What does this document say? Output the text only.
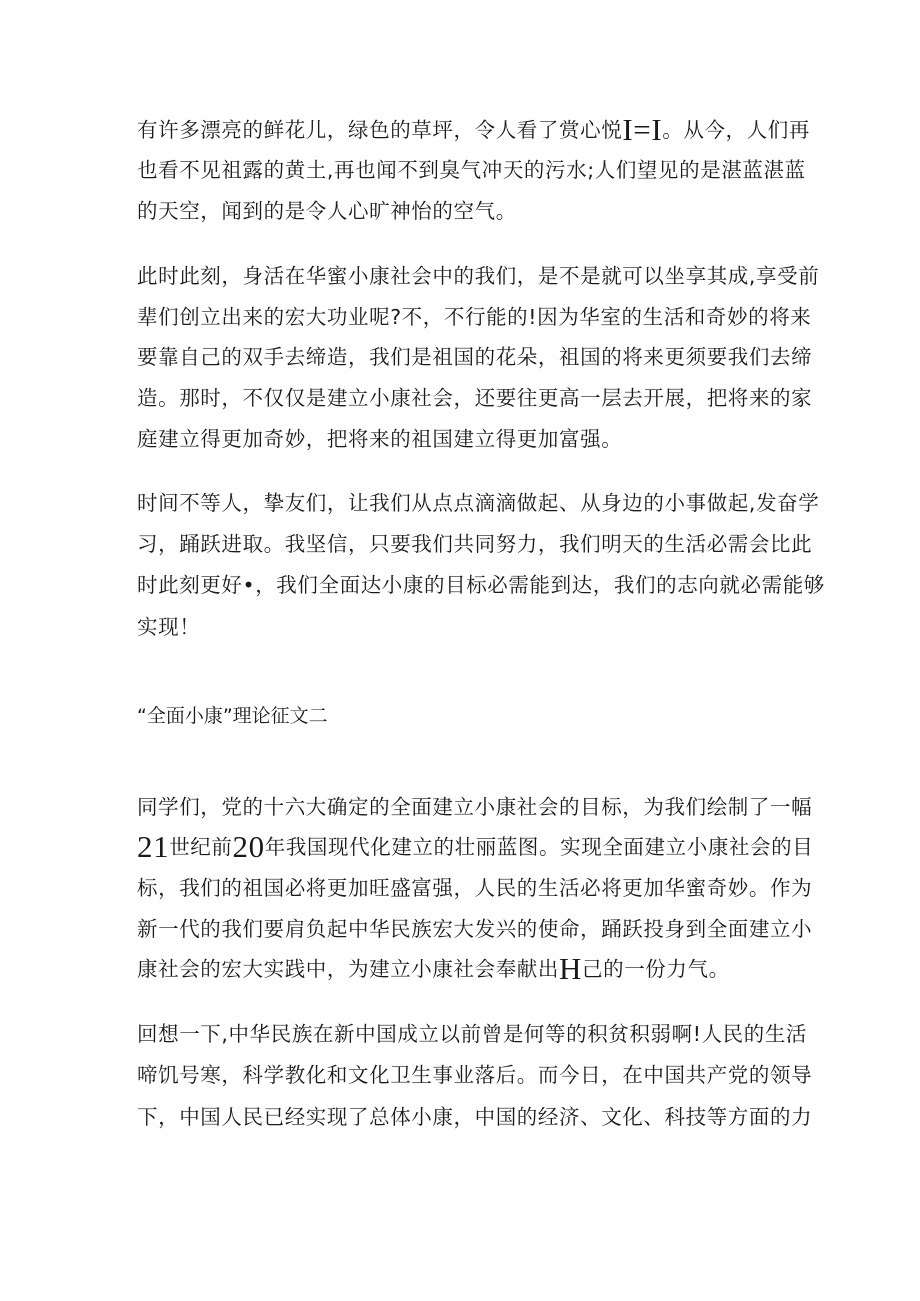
有许多漂亮的鲜花儿，绿色的草坪，令人看了赏心悦I=I。从今，人们再
也看不见祖露的黄土,再也闻不到臭气冲天的污水;人们望见的是湛蓝湛蓝
的天空，闻到的是令人心旷神怡的空气。
此时此刻，身活在华蜜小康社会中的我们，是不是就可以坐享其成,享受前
辈们创立出来的宏大功业呢?不，不行能的!因为华室的生活和奇妙的将来
要靠自己的双手去缔造，我们是祖国的花朵，祖国的将来更须要我们去缔
造。那时，不仅仅是建立小康社会，还要往更高一层去开展，把将来的家
庭建立得更加奇妙，把将来的祖国建立得更加富强。
时间不等人，挚友们，让我们从点点滴滴做起、从身边的小事做起,发奋学
习，踊跃进取。我坚信，只要我们共同努力，我们明天的生活必需会比此
时此刻更好•，我们全面达小康的目标必需能到达，我们的志向就必需能够
实现！
“全面小康”理论征文二
同学们，党的十六大确定的全面建立小康社会的目标，为我们绘制了一幅
21世纪前20年我国现代化建立的壮丽蓝图。实现全面建立小康社会的目
标，我们的祖国必将更加旺盛富强，人民的生活必将更加华蜜奇妙。作为
新一代的我们要肩负起中华民族宏大发兴的使命，踊跃投身到全面建立小
康社会的宏大实践中，为建立小康社会奉献出H己的一份力气。
回想一下,中华民族在新中国成立以前曾是何等的积贫积弱啊!人民的生活
啼饥号寒，科学教化和文化卫生事业落后。而今日，在中国共产党的领导
下，中国人民已经实现了总体小康，中国的经济、文化、科技等方面的力
